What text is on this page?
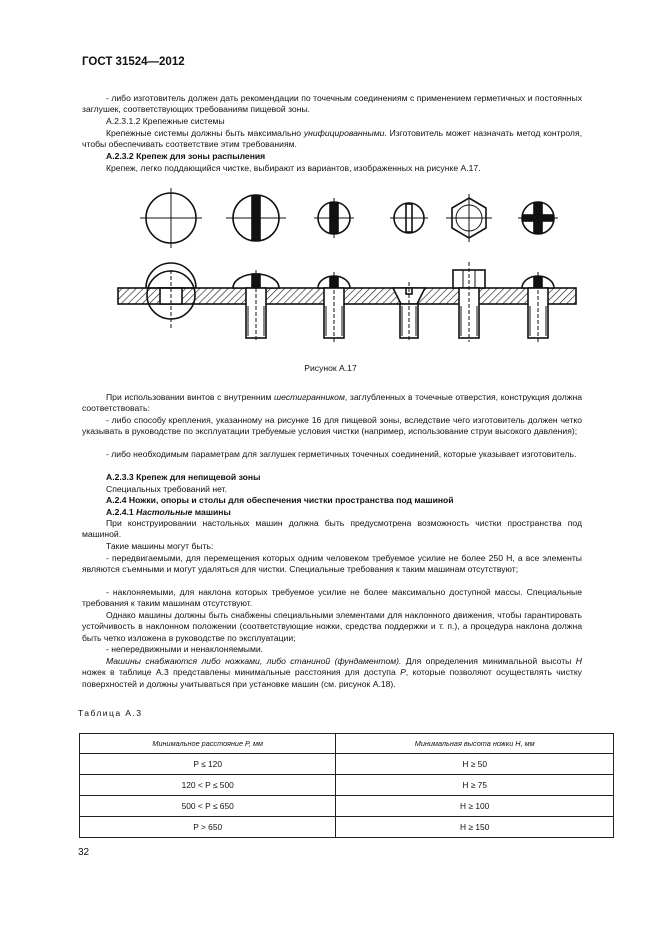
ГОСТ 31524—2012

- либо изготовитель должен дать рекомендации по точечным соединениям с применением герметичных и постоянных заглушек, соответствующих требованиям пищевой зоны.

А.2.3.1.2 Крепежные системы

Крепежные системы должны быть максимально унифицированными. Изготовитель может назначать метод контроля, чтобы обеспечивать соответствие этим требованиям.

А.2.3.2 Крепеж для зоны распыления

Крепеж, легко поддающийся чистке, выбирают из вариантов, изображенных на рисунке А.17.

Рисунок А.17

При использовании винтов с внутренним шестигранником, заглубленных в точечные отверстия, конструкция должна соответствовать:

- либо способу крепления, указанному на рисунке 16 для пищевой зоны, вследствие чего изготовитель должен четко указывать в руководстве по эксплуатации требуемые условия чистки (например, использование струи высокого давления);

- либо необходимым параметрам для заглушек герметичных точечных соединений, которые указывает изготовитель.

А.2.3.3 Крепеж для непищевой зоны

Специальных требований нет.

А.2.4 Ножки, опоры и столы для обеспечения чистки пространства под машиной

А.2.4.1 Настольные машины

При конструировании настольных машин должна быть предусмотрена возможность чистки пространства под машиной.

Такие машины могут быть:

- передвигаемыми, для перемещения которых одним человеком требуемое усилие не более 250 Н, а все элементы являются съемными и могут удаляться для чистки. Специальные требования к таким машинам отсутствуют;

- наклоняемыми, для наклона которых требуемое усилие не более максимально доступной массы. Специальные требования к таким машинам отсутствуют.

Однако машины должны быть снабжены специальными элементами для наклонного движения, чтобы гарантировать устойчивость в наклонном положении (соответствующие ножки, средства поддержки и т. п.), а процедура наклона должна быть четко изложена в руководстве по эксплуатации;

- непередвижными и ненаклоняемыми.

Машины снабжаются либо ножками, либо станиной (фундаментом). Для определения минимальной высоты H ножек в таблице А.3 представлены минимальные расстояния для доступа P, которые позволяют осуществлять чистку поверхностей и должны учитываться при установке машин (см. рисунок А.18).

Таблица А.3
Минимальное расстояние P, мм	Минимальная высота ножки H, мм
P ≤ 120	H ≥ 50
120 < P ≤ 500	H ≥ 75
500 < P ≤ 650	H ≥ 100
P > 650	H ≥ 150
32
